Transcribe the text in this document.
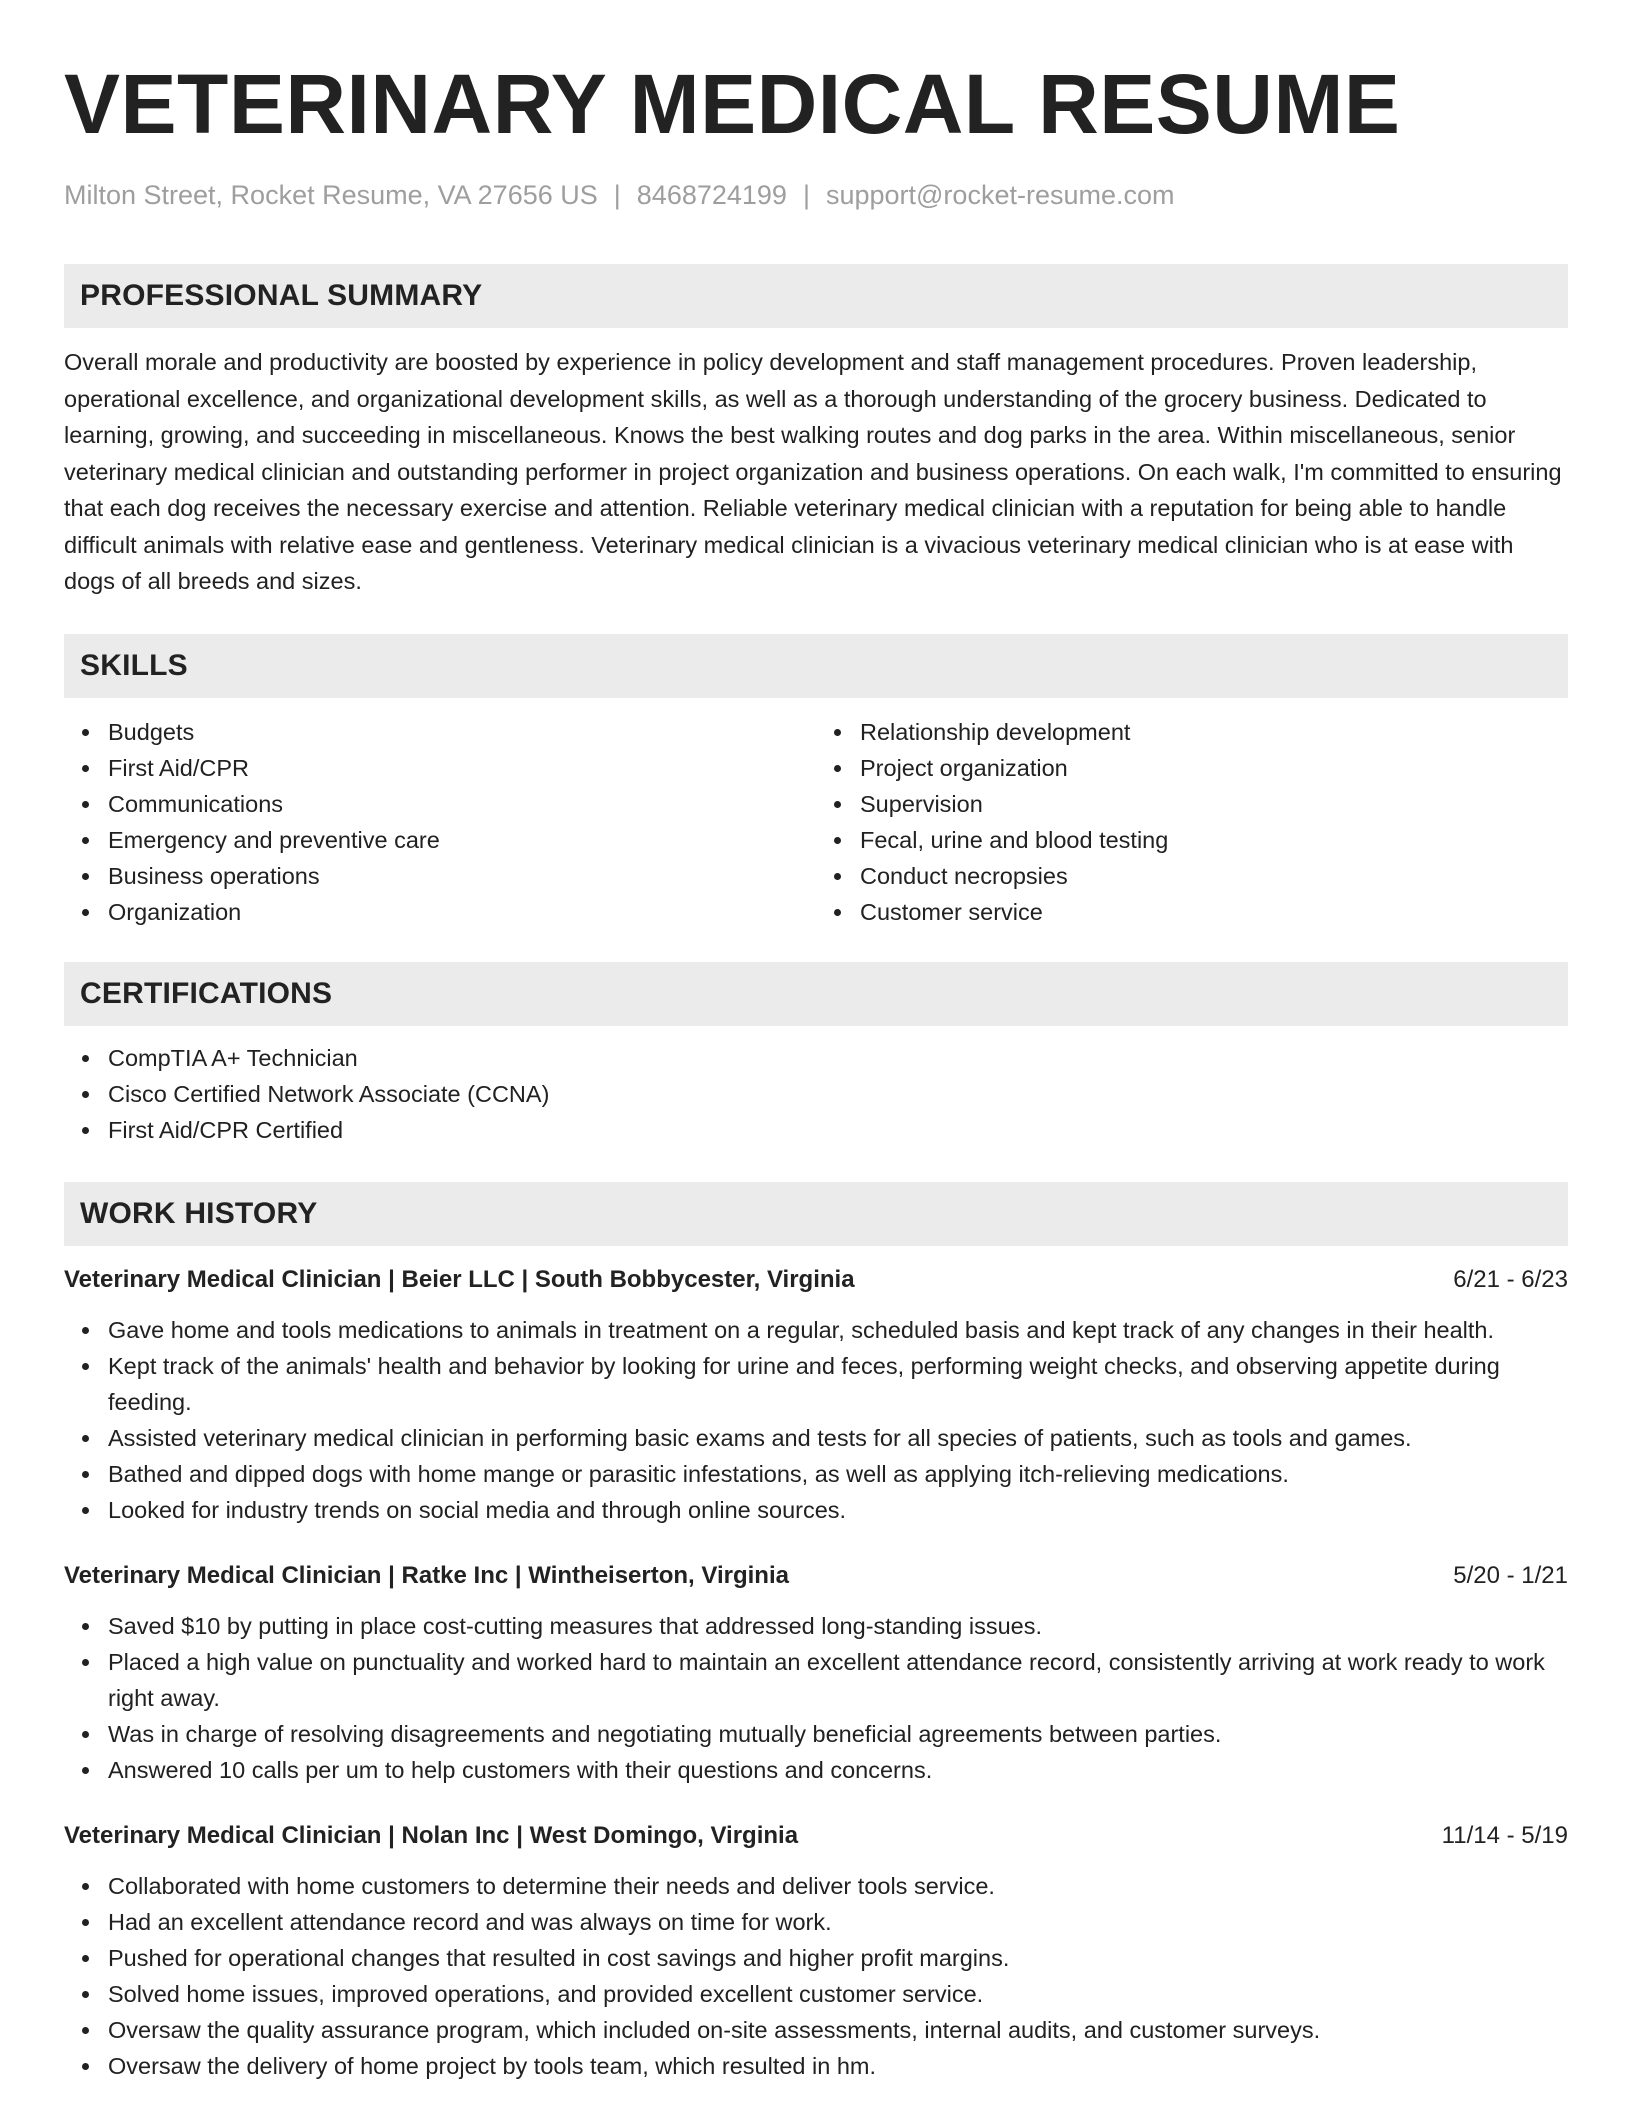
VETERINARY MEDICAL RESUME
Milton Street, Rocket Resume, VA 27656 US | 8468724199 | support@rocket-resume.com
PROFESSIONAL SUMMARY

Overall morale and productivity are boosted by experience in policy development and staff management procedures. Proven leadership, operational excellence, and organizational development skills, as well as a thorough understanding of the grocery business. Dedicated to learning, growing, and succeeding in miscellaneous. Knows the best walking routes and dog parks in the area. Within miscellaneous, senior veterinary medical clinician and outstanding performer in project organization and business operations. On each walk, I'm committed to ensuring that each dog receives the necessary exercise and attention. Reliable veterinary medical clinician with a reputation for being able to handle difficult animals with relative ease and gentleness. Veterinary medical clinician is a vivacious veterinary medical clinician who is at ease with dogs of all breeds and sizes.

SKILLS
Budgets
First Aid/CPR
Communications
Emergency and preventive care
Business operations
Organization
Relationship development
Project organization
Supervision
Fecal, urine and blood testing
Conduct necropsies
Customer service
CERTIFICATIONS
CompTIA A+ Technician
Cisco Certified Network Associate (CCNA)
First Aid/CPR Certified
WORK HISTORY
Veterinary Medical Clinician | Beier LLC | South Bobbycester, Virginia	6/21 - 6/23
Gave home and tools medications to animals in treatment on a regular, scheduled basis and kept track of any changes in their health.
Kept track of the animals' health and behavior by looking for urine and feces, performing weight checks, and observing appetite during feeding.
Assisted veterinary medical clinician in performing basic exams and tests for all species of patients, such as tools and games.
Bathed and dipped dogs with home mange or parasitic infestations, as well as applying itch-relieving medications.
Looked for industry trends on social media and through online sources.
Veterinary Medical Clinician | Ratke Inc | Wintheiserton, Virginia	5/20 - 1/21
Saved $10 by putting in place cost-cutting measures that addressed long-standing issues.
Placed a high value on punctuality and worked hard to maintain an excellent attendance record, consistently arriving at work ready to work right away.
Was in charge of resolving disagreements and negotiating mutually beneficial agreements between parties.
Answered 10 calls per um to help customers with their questions and concerns.
Veterinary Medical Clinician | Nolan Inc | West Domingo, Virginia	11/14 - 5/19
Collaborated with home customers to determine their needs and deliver tools service.
Had an excellent attendance record and was always on time for work.
Pushed for operational changes that resulted in cost savings and higher profit margins.
Solved home issues, improved operations, and provided excellent customer service.
Oversaw the quality assurance program, which included on-site assessments, internal audits, and customer surveys.
Oversaw the delivery of home project by tools team, which resulted in hm.
